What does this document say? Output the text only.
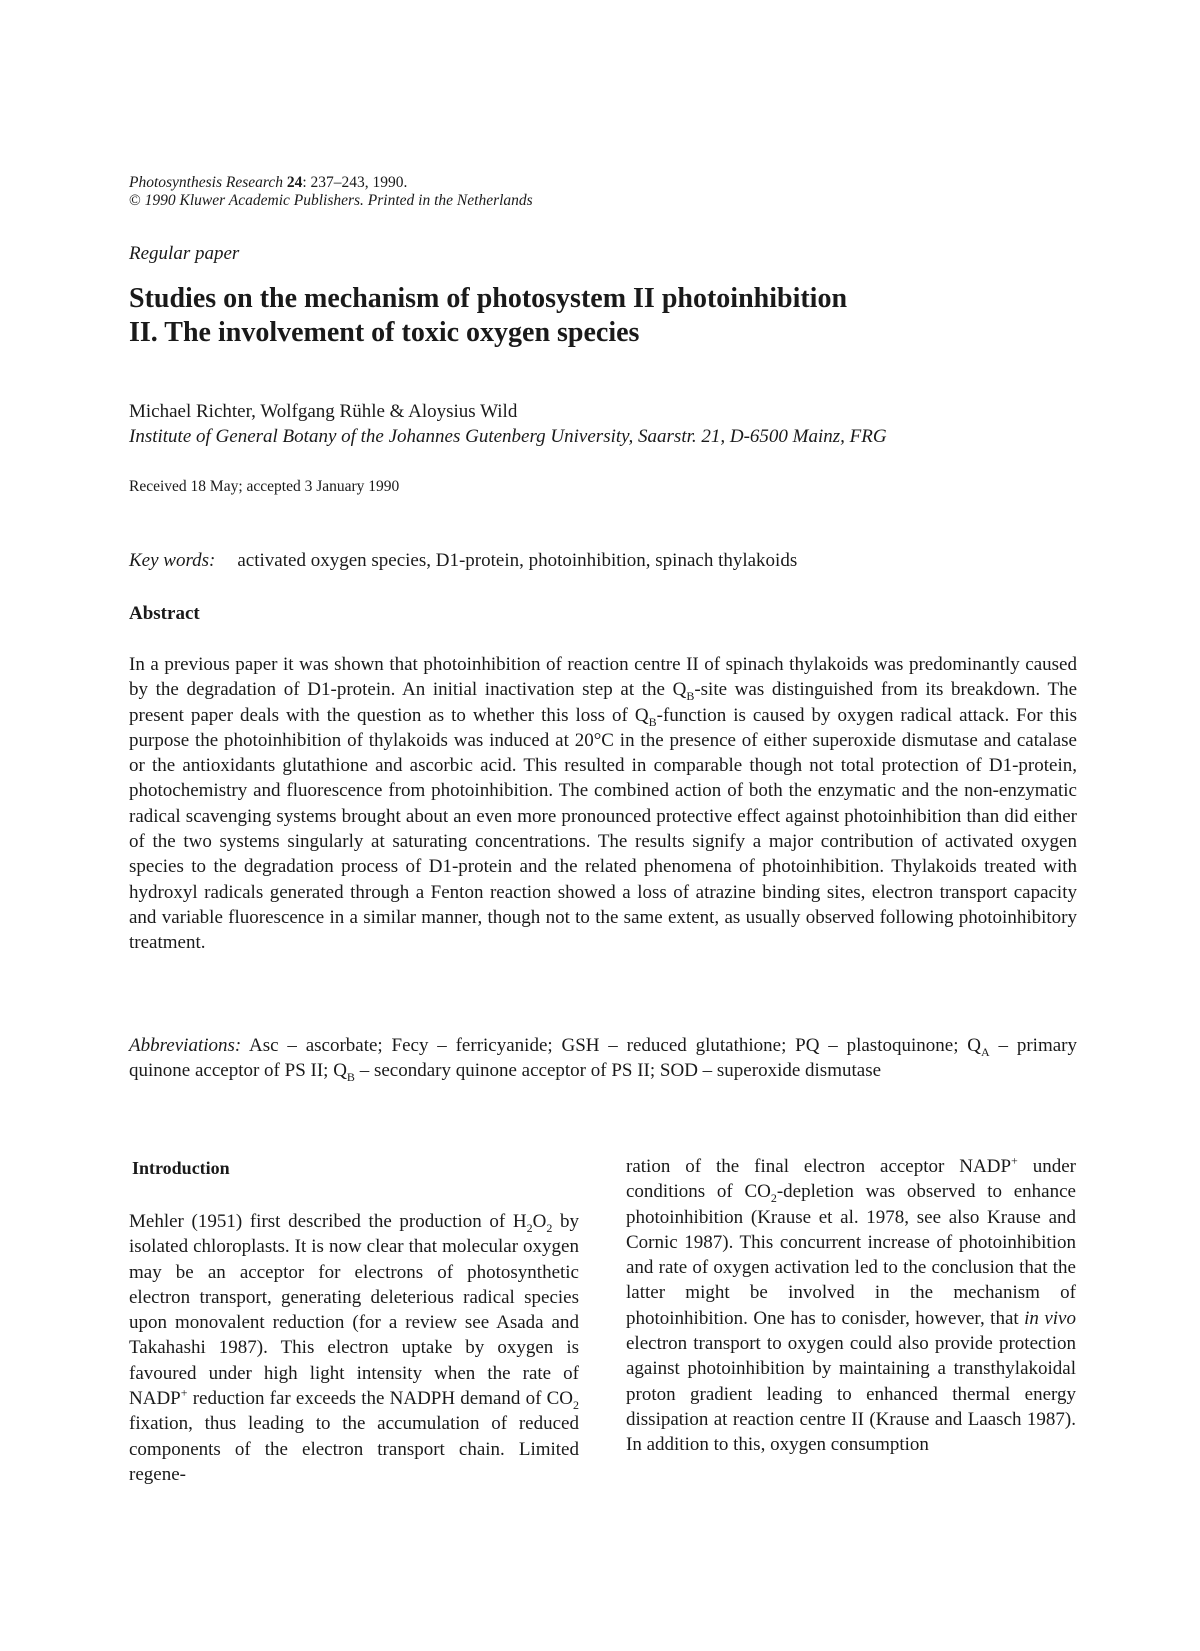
Photosynthesis Research 24: 237–243, 1990.
© 1990 Kluwer Academic Publishers. Printed in the Netherlands
Regular paper
Studies on the mechanism of photosystem II photoinhibition
II. The involvement of toxic oxygen species
Michael Richter, Wolfgang Rühle & Aloysius Wild
Institute of General Botany of the Johannes Gutenberg University, Saarstr. 21, D-6500 Mainz, FRG
Received 18 May; accepted 3 January 1990
Key words: activated oxygen species, D1-protein, photoinhibition, spinach thylakoids
Abstract

In a previous paper it was shown that photoinhibition of reaction centre II of spinach thylakoids was predominantly caused by the degradation of D1-protein. An initial inactivation step at the $Q_B$-site was distinguished from its breakdown. The present paper deals with the question as to whether this loss of $Q_B$-function is caused by oxygen radical attack. For this purpose the photoinhibition of thylakoids was induced at 20°C in the presence of either superoxide dismutase and catalase or the antioxidants glutathione and ascorbic acid. This resulted in comparable though not total protection of D1-protein, photochemistry and fluorescence from photoinhibition. The combined action of both the enzymatic and the non-enzymatic radical scavenging systems brought about an even more pronounced protective effect against photoinhibition than did either of the two systems singularly at saturating concentrations. The results signify a major contribution of activated oxygen species to the degradation process of D1-protein and the related phenomena of photoinhibition. Thylakoids treated with hydroxyl radicals generated through a Fenton reaction showed a loss of atrazine binding sites, electron transport capacity and variable fluorescence in a similar manner, though not to the same extent, as usually observed following photoinhibitory treatment.

Abbreviations: Asc – ascorbate; Fecy – ferricyanide; GSH – reduced glutathione; PQ – plastoquinone; $Q_A$ – primary quinone acceptor of PS II; $Q_B$ – secondary quinone acceptor of PS II; SOD – superoxide dismutase

Introduction
Mehler (1951) first described the production of $H_2O_2$ by isolated chloroplasts. It is now clear that molecular oxygen may be an acceptor for electrons of photosynthetic electron transport, generating deleterious radical species upon monovalent reduction (for a review see Asada and Takahashi 1987). This electron uptake by oxygen is favoured under high light intensity when the rate of NADP+ reduction far exceeds the NADPH demand of $CO_2$ fixation, thus leading to the accumulation of reduced components of the electron transport chain. Limited regene-
ration of the final electron acceptor NADP+ under conditions of $CO_2$-depletion was observed to enhance photoinhibition (Krause et al. 1978, see also Krause and Cornic 1987). This concurrent increase of photoinhibition and rate of oxygen activation led to the conclusion that the latter might be involved in the mechanism of photoinhibition. One has to conisder, however, that in vivo electron transport to oxygen could also provide protection against photoinhibition by maintaining a transthylakoidal proton gradient leading to enhanced thermal energy dissipation at reaction centre II (Krause and Laasch 1987). In addition to this, oxygen consumption
